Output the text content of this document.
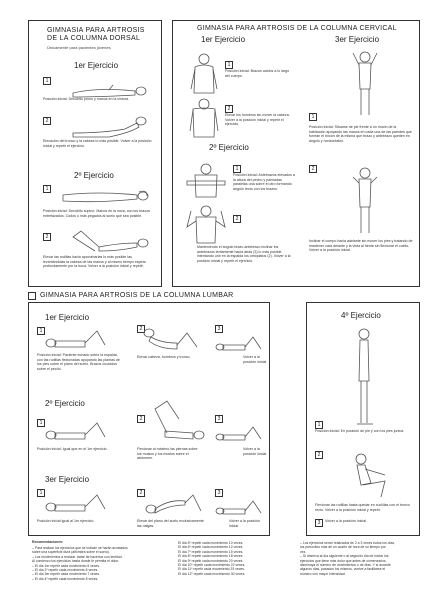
GIMNASIA PARA ARTROSIS
DE LA COLUMNA DORSAL
Únicamente para pacientes jóvenes
1er Ejercicio
1
Posición inicial: Decúbito prono y manos en la cintura.
2
Elevación del tronco y la cabeza lo más posible. Volver a la posición inicial y repetir el ejercicio.
2º Ejercicio
1
Posición inicial: Decúbito supino. Manos en la nuca, con los brazos entrelazados. Codos o más pegados al suelo que sea posible.
2
Elevar las rodillas hacia aproximarlas lo más posible las levantándolas la cabeza de las manos y al mismo tiempo espirar profundamente por la boca. Volver a la posición inicial y repetir.
GIMNASIA PARA ARTROSIS DE LA COLUMNA CERVICAL
1er Ejercicio	3er Ejercicio
1
Posición inicial: Brazos caídos a lo largo del cuerpo.
2
Elevar los hombros sin mover la cabeza. Volver a la posición inicial y repetir el ejercicio.
2º Ejercicio
1
Posición inicial: Antebrazos elevados a la altura del pecho y palmadas paralelas una sobre el otro formando ángulo recto con los brazos.
2
Manteniendo el ángulo brazo antebrazo inclinar los antebrazos lentamente hacia atrás (3) lo más posible intentando unir en la espalda los omóplatos (2). Volver a la posición inicial y repetir el ejercicio.
1
Posición inicial: Situarse de pie frente a un rincón de la habitación apoyando las manos en cada una de las paredes que forman el rincón de la misma que brazo y antebrazo queden en ángulo y horizontales.
2
Inclinar el cuerpo hacia adelante sin mover los pies y tratando de mantener cara delante y la vista al frente sin flexionar el cuello. Volver a la posición inicial.
GIMNASIA PARA ARTROSIS DE LA COLUMNA LUMBAR
1er Ejercicio
1
Posición inicial: Paciente echado sobre la espalda, con las rodillas flexionadas apoyando las plantas de los pies sobre el plano del suelo. Brazos cruzados sobre el pecho.
2
Elevar cabeza, hombros y tronco.
3
Volver a la posición inicial.
2º Ejercicio
1
Posición inicial: Igual que en el 1er ejercicio.
2
Flexionar al máximo las piernas sobre los muslos y los muslos sobre el abdomen.
3
Volver a la posición inicial.
3er Ejercicio
1
Posición inicial igual al 1er ejercicio.
2
Elevar del plano del suelo exclusivamente las nalgas.
3
Volver a la posición inicial.
4º Ejercicio
1
Posición inicial: En posición de pie y con los pies juntos.
2
Flexionar las rodillas hasta quedar en cuclillas con el tronco recto. Volver a la posición inicial y repetir.
3	Volver a la posición inicial.
Recomendaciones:
– Para realizar los ejercicios que se indican se harán acostados
sobre una superficie dura (alfombra sobre el suelo).
– Los movimientos a realizar, tratar de hacerlos con lentitud.
Al comienzo los ejercicios hasta donde le permita el dolor.
– El día 1er repetir cada movimiento 5 veces.
– El día 2º repetir cada movimiento 6 veces.
– El día 3er repetir cada movimiento 7 veces.
– El día 4º repetir cada movimiento 8 veces.
El día 5º repetir cada movimiento 10 veces.
El día 6º repetir cada movimiento 12 veces.
El día 7º repetir cada movimiento 15 veces.
El día 8º repetir cada movimiento 18 veces.
El día 9º repetir cada movimiento 20 veces.
El día 10º repetir cada movimiento 22 veces.
El día 11º repetir cada movimiento 25 veces.
El día 12º repetir cada movimiento 30 veces.
– Los ejercicios serán realizados de 2 a 3 veces todos los días,
los prescritos más de un cuarto de hora de su tiempo por
vez.
– Si observa al día siguiente o al segundo día de iniciar los
ejercicios que tiene más dolor que antes de comenzarlos,
disminuya el número de movimientos o de días. Y si durante
algunos días, pasados los mismos, vuelve a facilitarse el
número con mayor intensidad.
